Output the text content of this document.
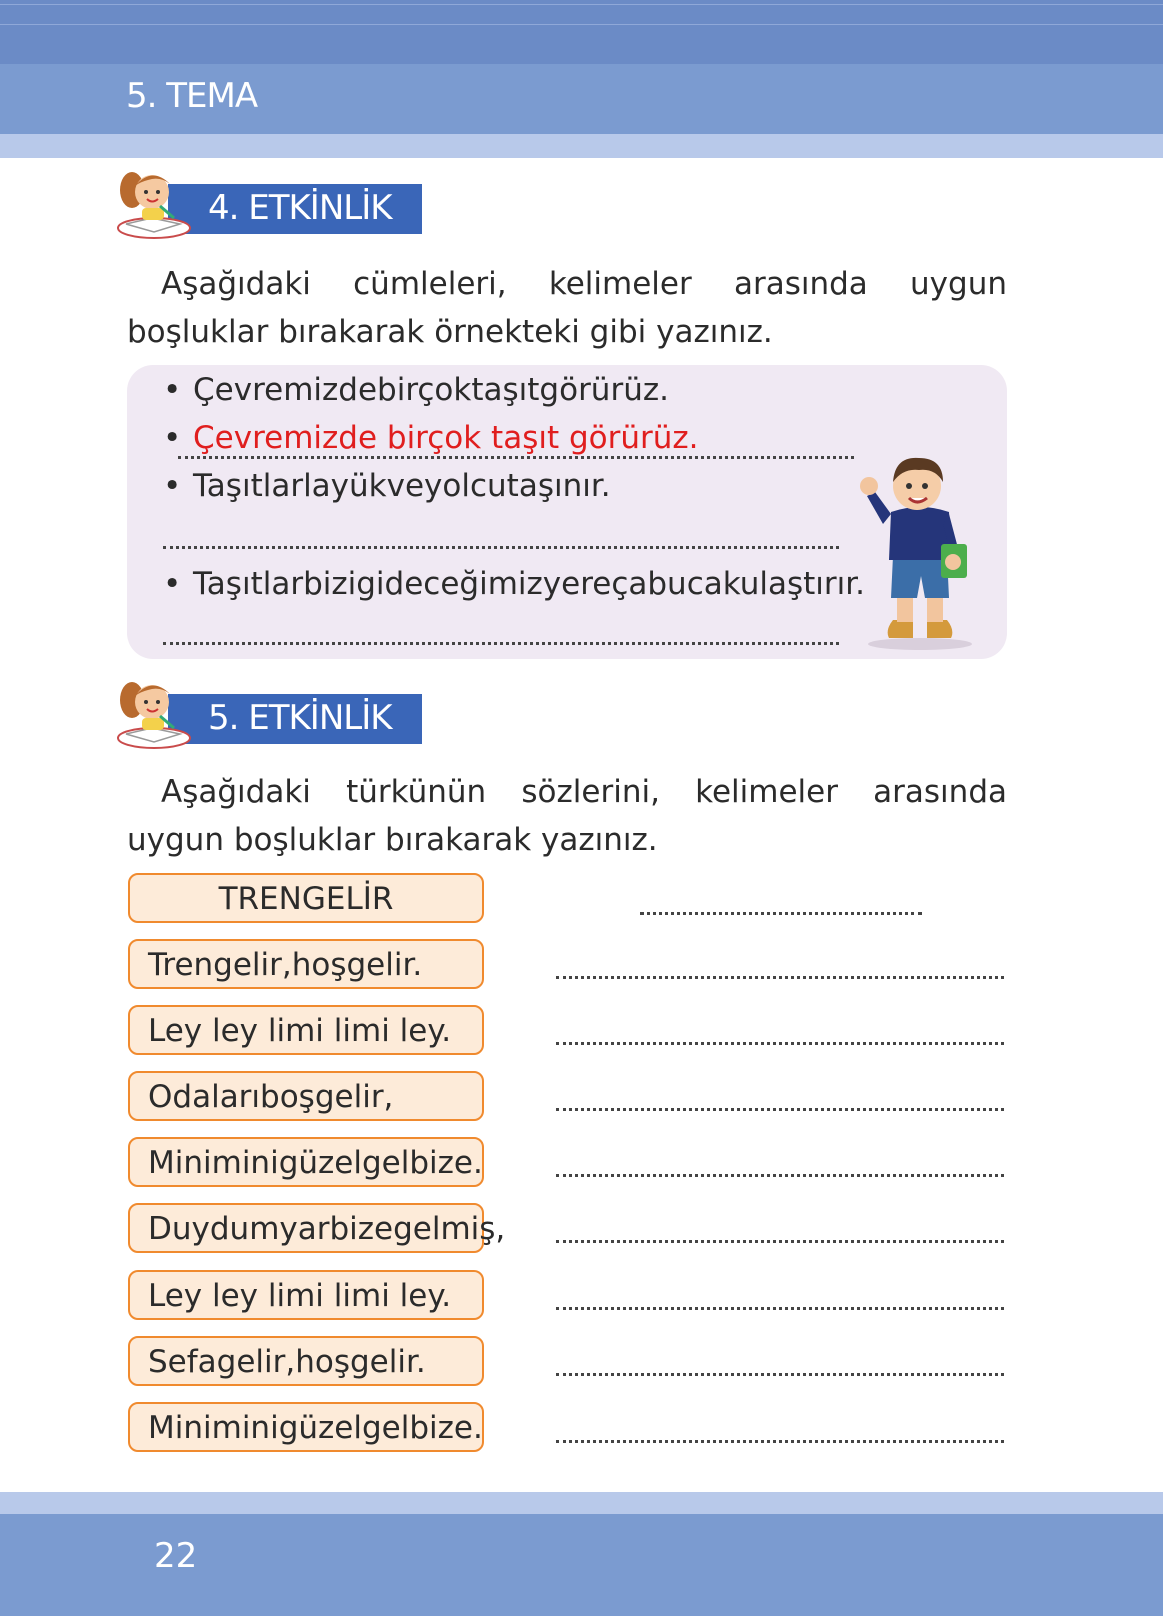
5. TEMA
4. ETKİNLİK
Aşağıdaki cümleleri, kelimeler arasında uygun boşluklar bırakarak örnekteki gibi yazınız.
• Çevremizdebirçoktaşıtgörürüz.
• Çevremizde birçok taşıt görürüz.
• Taşıtlarlayükveyolcutaşınır.
• Taşıtlarbizigideceğimizyereçabucakulaştırır.
5. ETKİNLİK
Aşağıdaki türkünün sözlerini, kelimeler arasında uygun boşluklar bırakarak yazınız.
TRENGELİR
Trengelir,hoşgelir.
Ley ley limi limi ley.
Odalarıboşgelir,
Miniminigüzelgelbize.
Duydumyarbizegelmiş,
Ley ley limi limi ley.
Sefagelir,hoşgelir.
Miniminigüzelgelbize.
22
